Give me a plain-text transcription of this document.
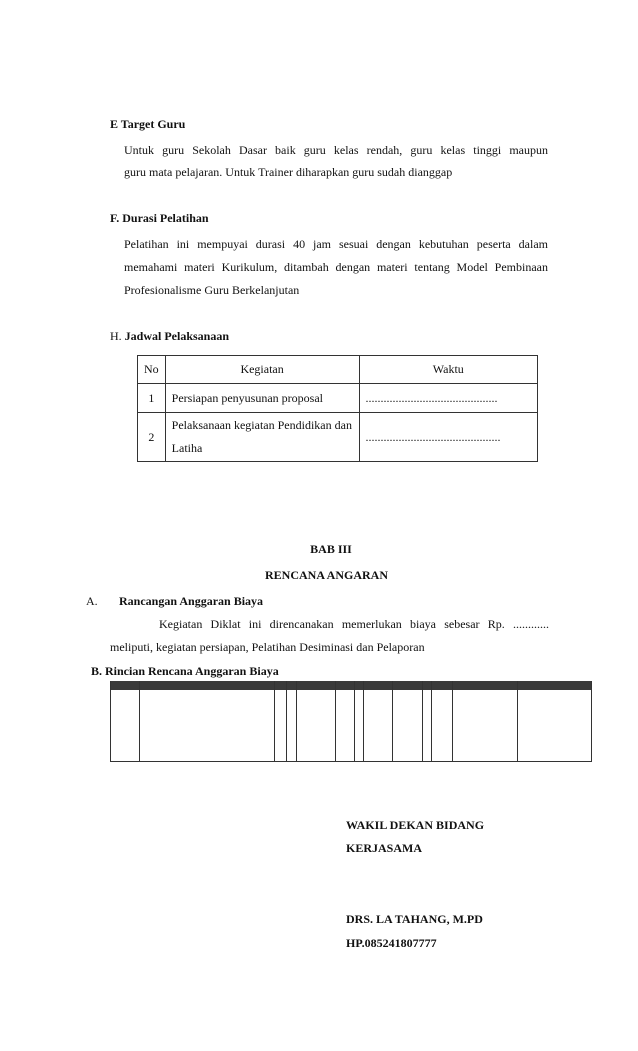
E Target Guru
Untuk guru Sekolah Dasar baik guru kelas rendah, guru kelas tinggi maupun
guru mata pelajaran. Untuk Trainer diharapkan guru sudah dianggap
F. Durasi Pelatihan
Pelatihan ini mempuyai durasi 40 jam sesuai dengan kebutuhan peserta dalam
memahami materi Kurikulum, ditambah dengan materi tentang Model Pembinaan
Profesionalisme Guru Berkelanjutan
H. Jadwal Pelaksanaan
No	Kegiatan	Waktu
1	Persiapan penyusunan proposal	............................................
2	Pelaksanaan kegiatan Pendidikan dan
Latiha	.............................................
BAB III
RENCANA ANGARAN
A. Rancangan Anggaran Biaya
Kegiatan Diklat ini direncanakan memerlukan biaya sebesar Rp. ............
meliputi, kegiatan persiapan, Pelatihan Desiminasi dan Pelaporan
B. Rincian Rencana Anggaran Biaya
WAKIL DEKAN BIDANG
KERJASAMA
DRS. LA TAHANG, M.PD
HP.085241807777
